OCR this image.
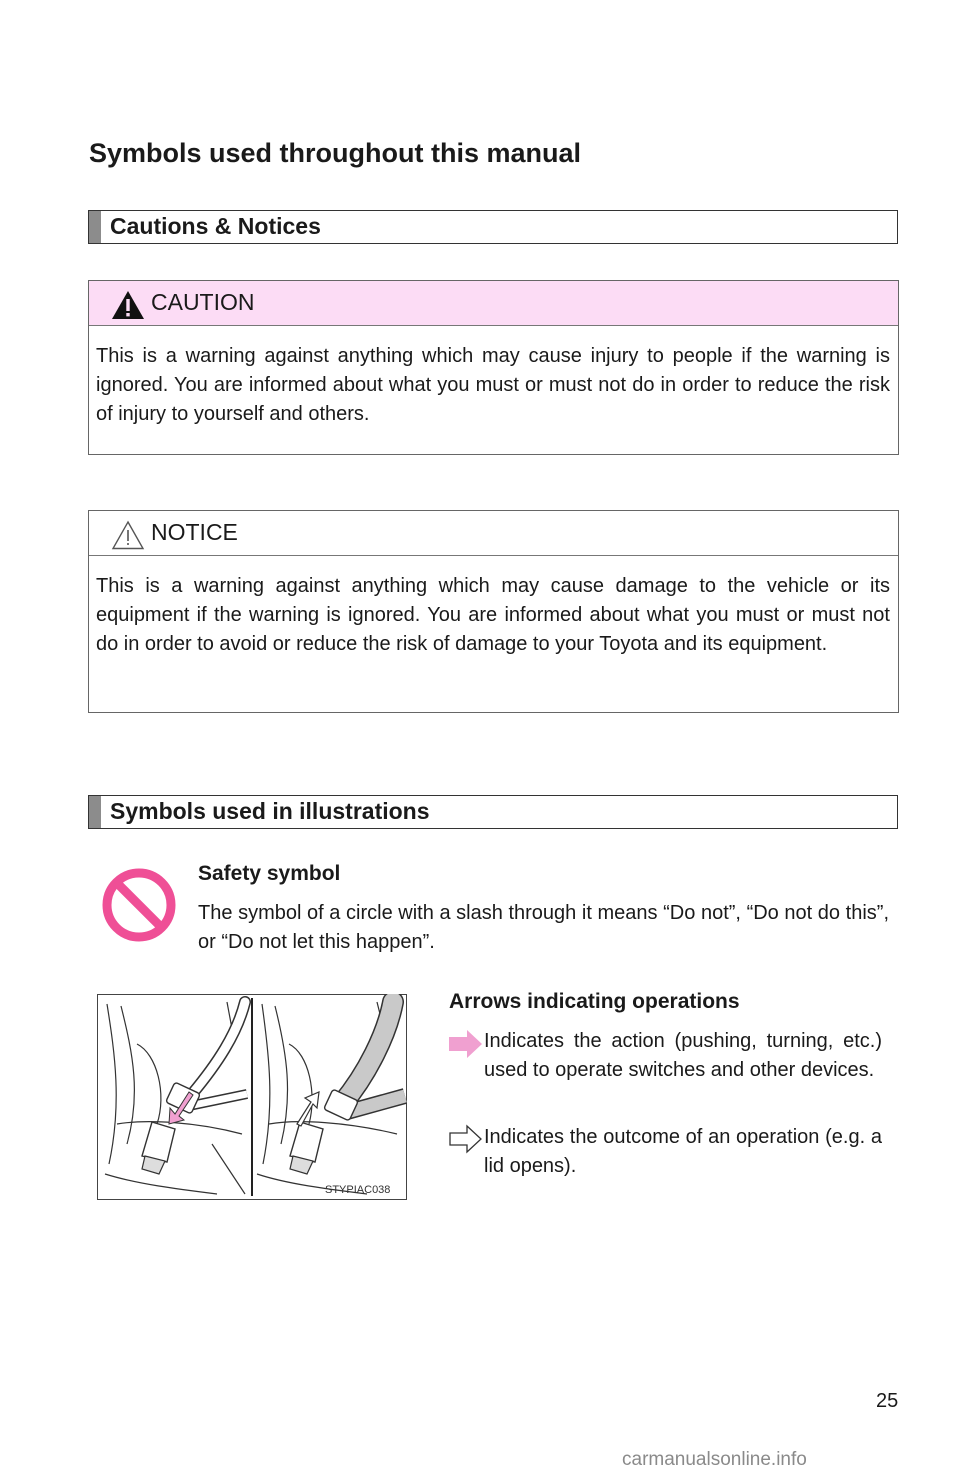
Symbols used throughout this manual
Cautions & Notices
CAUTION
This is a warning against anything which may cause injury to people if the warning is ignored. You are informed about what you must or must not do in order to reduce the risk of injury to yourself and others.
NOTICE
This is a warning against anything which may cause damage to the vehicle or its equipment if the warning is ignored. You are informed about what you must or must not do in order to avoid or reduce the risk of damage to your Toyota and its equipment.
Symbols used in illustrations
Safety symbol
The symbol of a circle with a slash through it means “Do not”, “Do not do this”, or “Do not let this happen”.
STYPIAC038
Arrows indicating operations
Indicates the action (pushing, turning, etc.) used to operate switches and other devices.
Indicates the outcome of an operation (e.g. a lid opens).
25
carmanualsonline.info
